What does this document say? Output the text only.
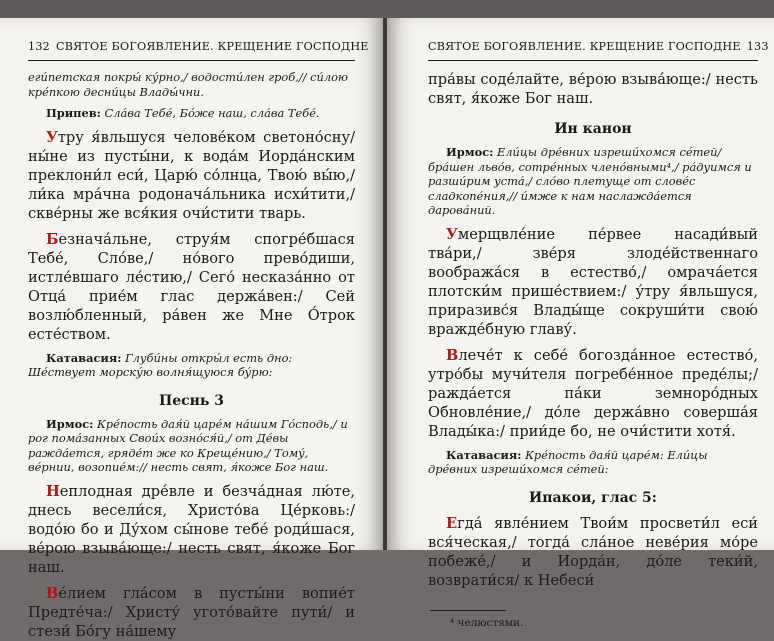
132 СВЯТОЕ БОГОЯВЛЕНИЕ. КРЕЩЕНИЕ ГОСПОДНЕ

еги́петская покры́ ку́рно,/ водости́лен гроб,// си́лою кре́пкою десни́цы Влады́чни.

Припев: Сла́ва Тебе́, Бо́же наш, сла́ва Тебе́.

Утру я́вльшуся челове́ком светоно́сну/ ны́не из пусты́ни, к вода́м Иорда́нским преклони́л еси́, Царю́ со́лнца, Твою́ вы́ю,/ ли́ка мра́чна родонача́льника исхи́тити,/ скве́рны же вся́кия очи́стити тварь.

Безнача́льне, струя́м спогре́бшася Тебе́, Сло́ве,/ но́вого прево́диши, истле́вшаго ле́стию,/ Сего́ несказа́нно от Отца́ прие́м глас держа́вен:/ Сей возлю́бленный, ра́вен же Мне О́трок есте́ством.

Катавасия: Глуби́ны откры́л есть дно: Ше́ствует морску́ю волня́щуюся бу́рю:

Песнь 3

Ирмос: Кре́пость дая́й царе́м на́шим Го́сподь,/ и рог пома́занных Свои́х возно́ся́й,/ от Де́вы ражда́ется, гряде́т же ко Креще́нию,/ Тому́, ве́рнии, возопие́м:// несть свят, я́коже Бог наш.

Неплодная дре́вле и безча́дная лю́те, днесь весели́ся, Христо́ва Це́рковь:/ водо́ю бо и Ду́хом сы́нове тебе́ роди́шася, ве́рою взыва́юще:/ несть свят, я́коже Бог наш.

Ве́лием гла́сом в пусты́ни вопие́т Предте́ча:/ Христу́ угото́вайте пути́/ и стези́ Бо́гу на́шему

СВЯТОЕ БОГОЯВЛЕНИЕ. КРЕЩЕНИЕ ГОСПОДНЕ 133

пра́вы соде́лайте, ве́рою взыва́юще:/ несть свят, я́коже Бог наш.

Ин канон

Ирмос: Ели́цы дре́вних изреши́хомся се́тей/ бра́шен льво́в, сотре́нных члено́вными⁴,/ ра́дуимся и разши́рим уста́,/ сло́во плетуще от слове́с сладкопе́ния,// и́мже к нам наслажда́ется дарова́ний.

Умерщвле́ние пе́рвее насади́вый тва́ри,/ зве́ря злоде́йственнаго вообража́ся в естество́,/ омрача́ется плотски́м прише́ствием:/ у́тру я́вльшуся, приразивс́я Влады́ще сокруши́ти свою́ вражде́бную главу́.

Влече́т к себе́ богозда́нное естество́, утро́бы мучи́теля погребе́нное преде́лы;/ ражда́ется па́ки земноро́дных Обновле́ние,/ до́ле держа́вно соверша́я Влады́ка:/ прии́де бо, не очи́стити хотя́.

Катавасия: Кре́пость дая́й царе́м: Ели́цы дре́вних изреши́хомся се́тей:

Ипакои, глас 5:

Егда́ явле́нием Твои́м просвети́л еси́ вся́ческая,/ тогда́ сла́ное неве́рия мо́ре побеже́,/ и Иорда́н, до́ле теки́й, возврати́ся/ к Небеси́

⁴ челюстями.
